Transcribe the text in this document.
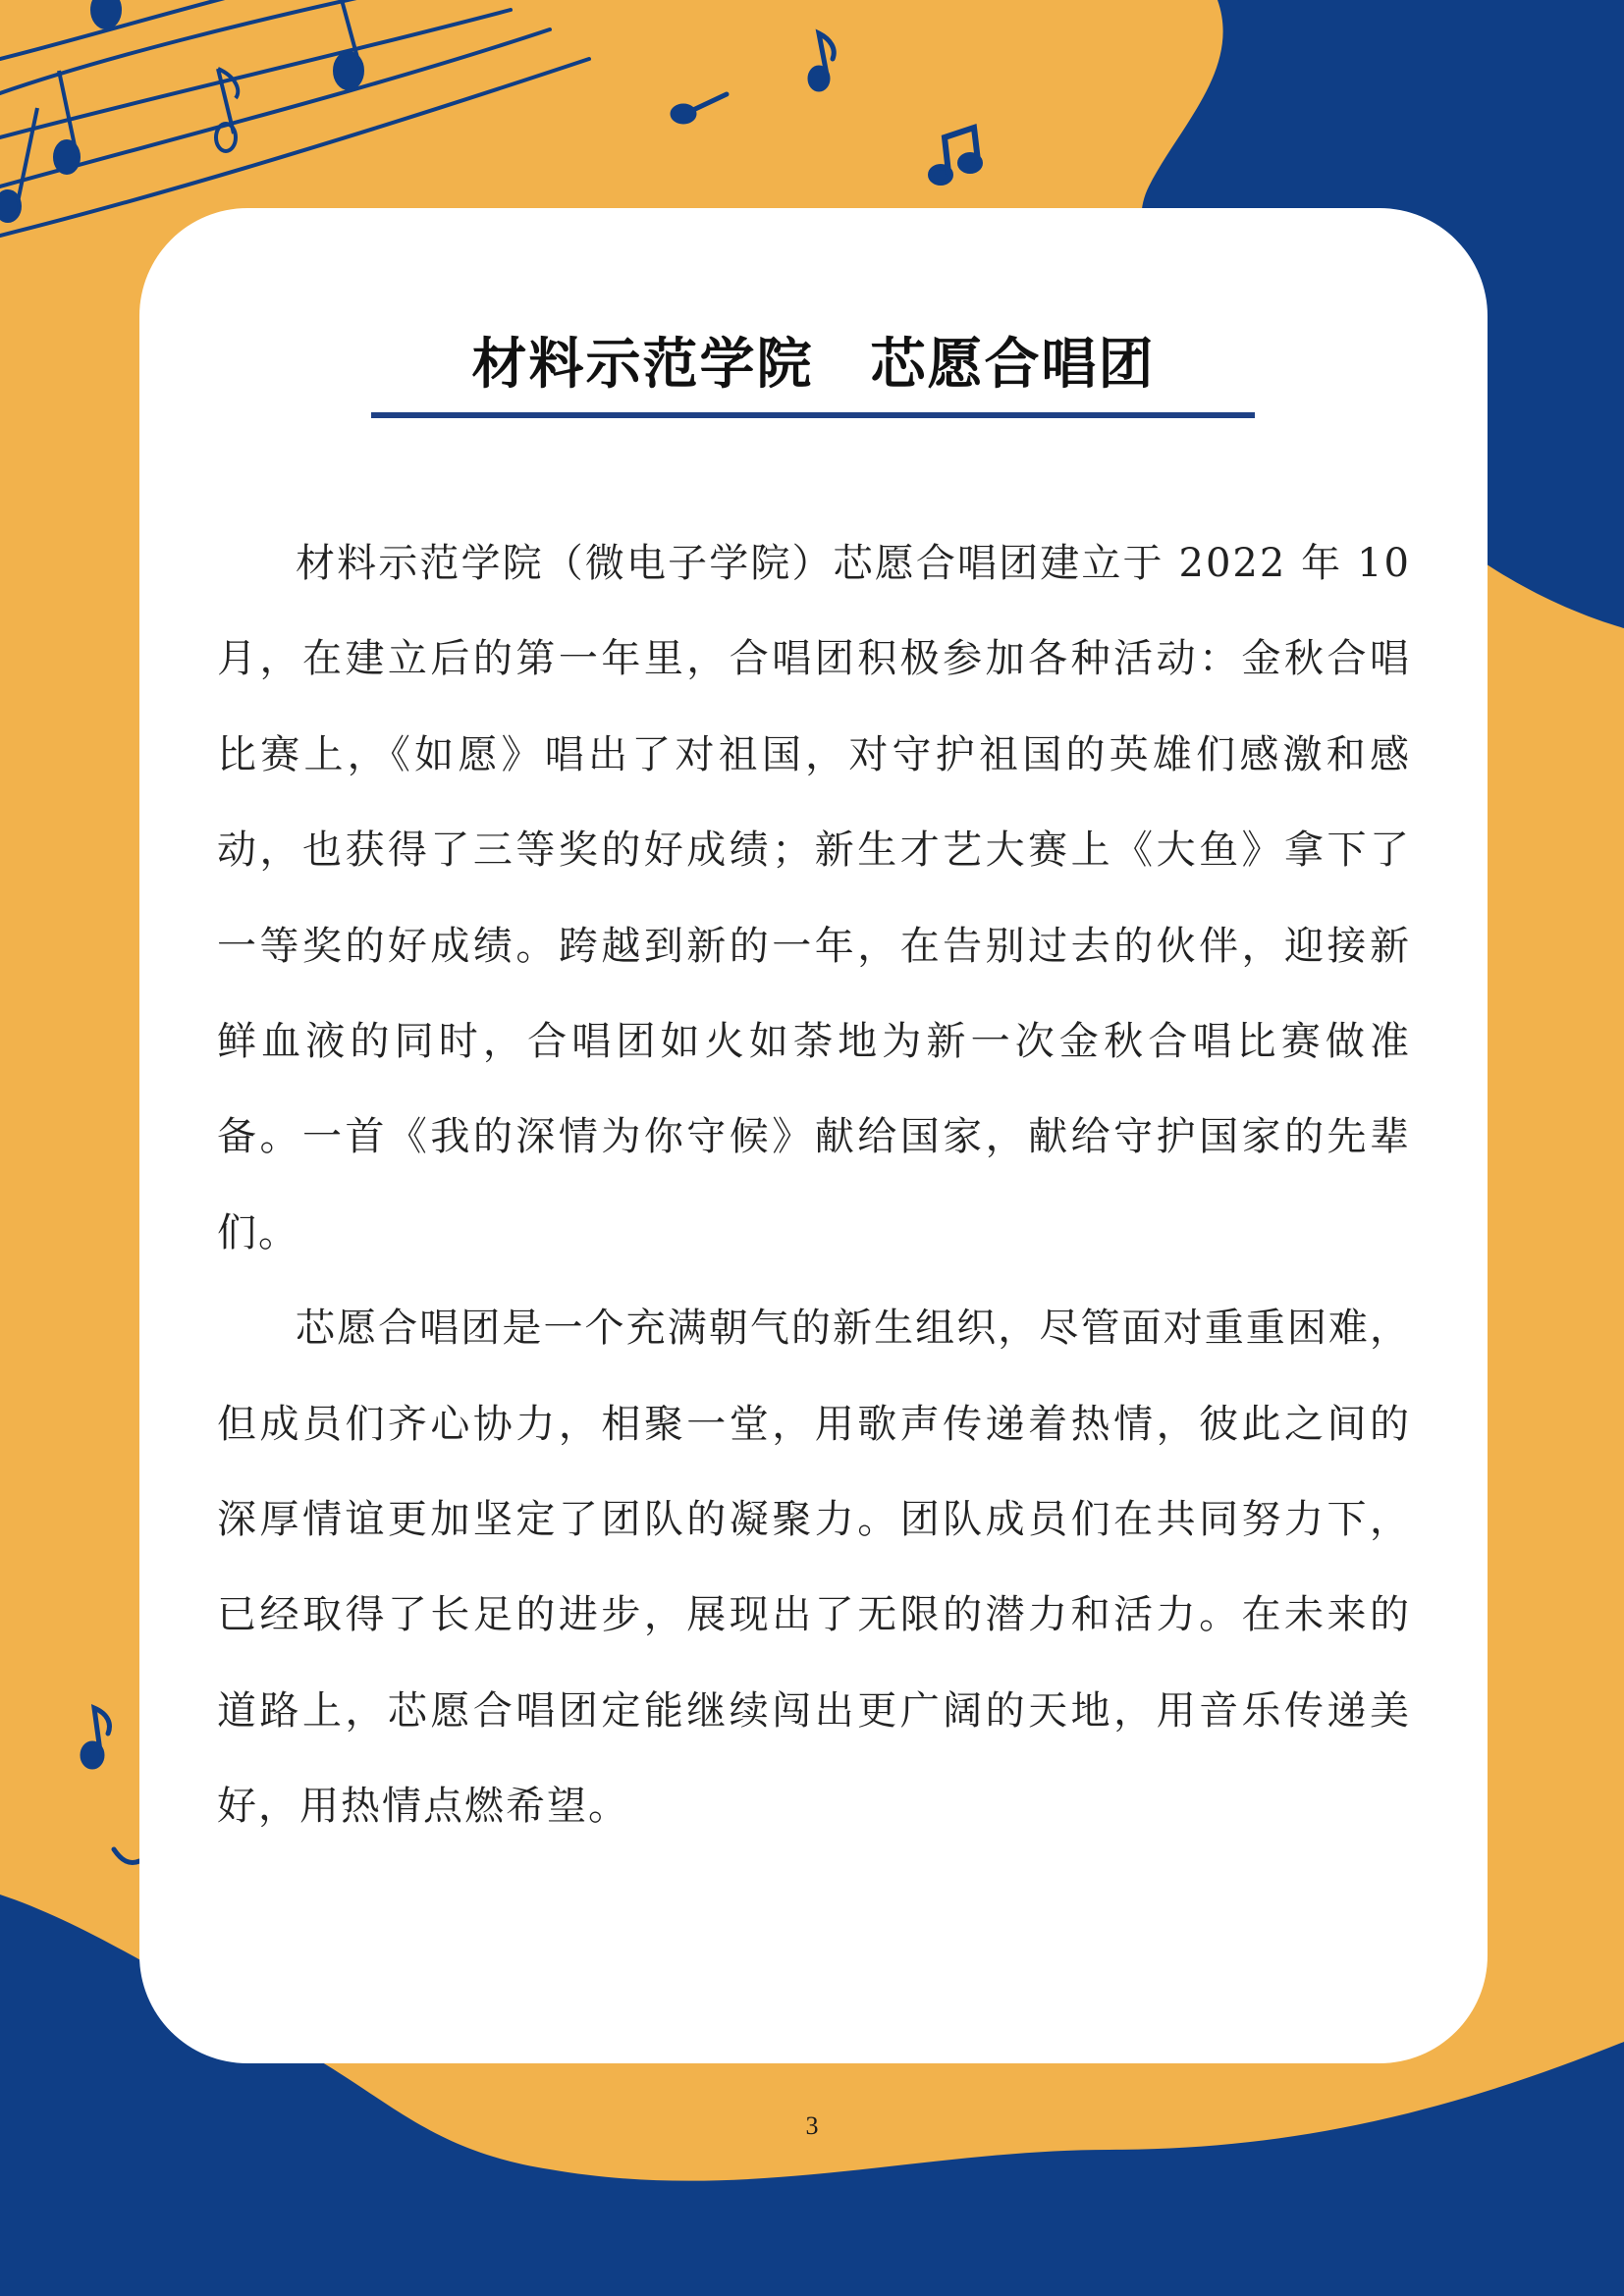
材料示范学院　芯愿合唱团

材料示范学院（微电子学院）芯愿合唱团建立于 2022 年 10 月，在建立后的第一年里，合唱团积极参加各种活动：金秋合唱比赛上，《如愿》唱出了对祖国，对守护祖国的英雄们感激和感动，也获得了三等奖的好成绩；新生才艺大赛上《大鱼》拿下了一等奖的好成绩。跨越到新的一年，在告别过去的伙伴，迎接新鲜血液的同时，合唱团如火如荼地为新一次金秋合唱比赛做准备。一首《我的深情为你守候》献给国家，献给守护国家的先辈们。

芯愿合唱团是一个充满朝气的新生组织，尽管面对重重困难，但成员们齐心协力，相聚一堂，用歌声传递着热情，彼此之间的深厚情谊更加坚定了团队的凝聚力。团队成员们在共同努力下，已经取得了长足的进步，展现出了无限的潜力和活力。在未来的道路上，芯愿合唱团定能继续闯出更广阔的天地，用音乐传递美好，用热情点燃希望。

3
